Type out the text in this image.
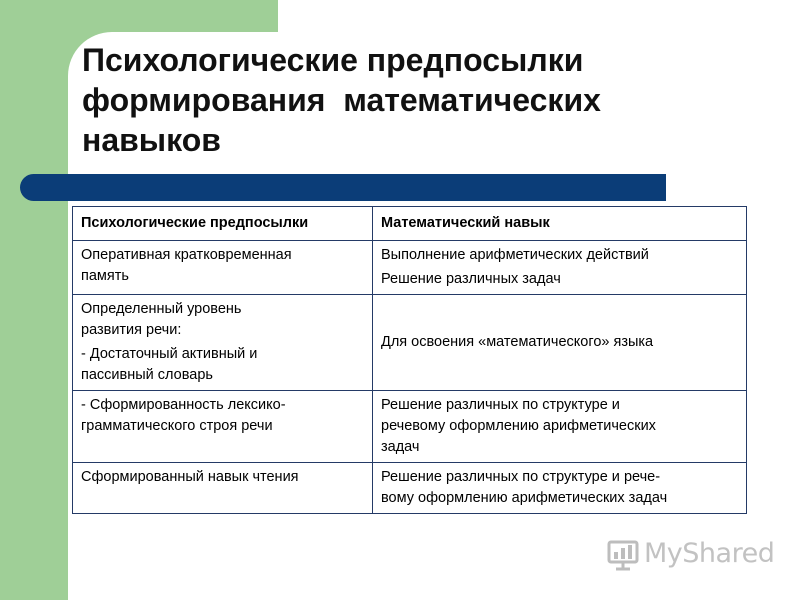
Психологические предпосылки
формирования  математических
навыков
Психологические предпосылки	Математический навык

Оперативная кратковременная
память	Выполнение арифметических действий
Решение различных задач

Определенный уровень
развития речи:
- Достаточный активный и
пассивный словарь	Для освоения «математического» языка

- Сформированность лексико-
грамматического строя речи	Решение различных по структуре и
речевому оформлению арифметических
задач

Сформированный навык чтения	Решение различных по структуре и рече-
вому оформлению арифметических задач
MyShared
